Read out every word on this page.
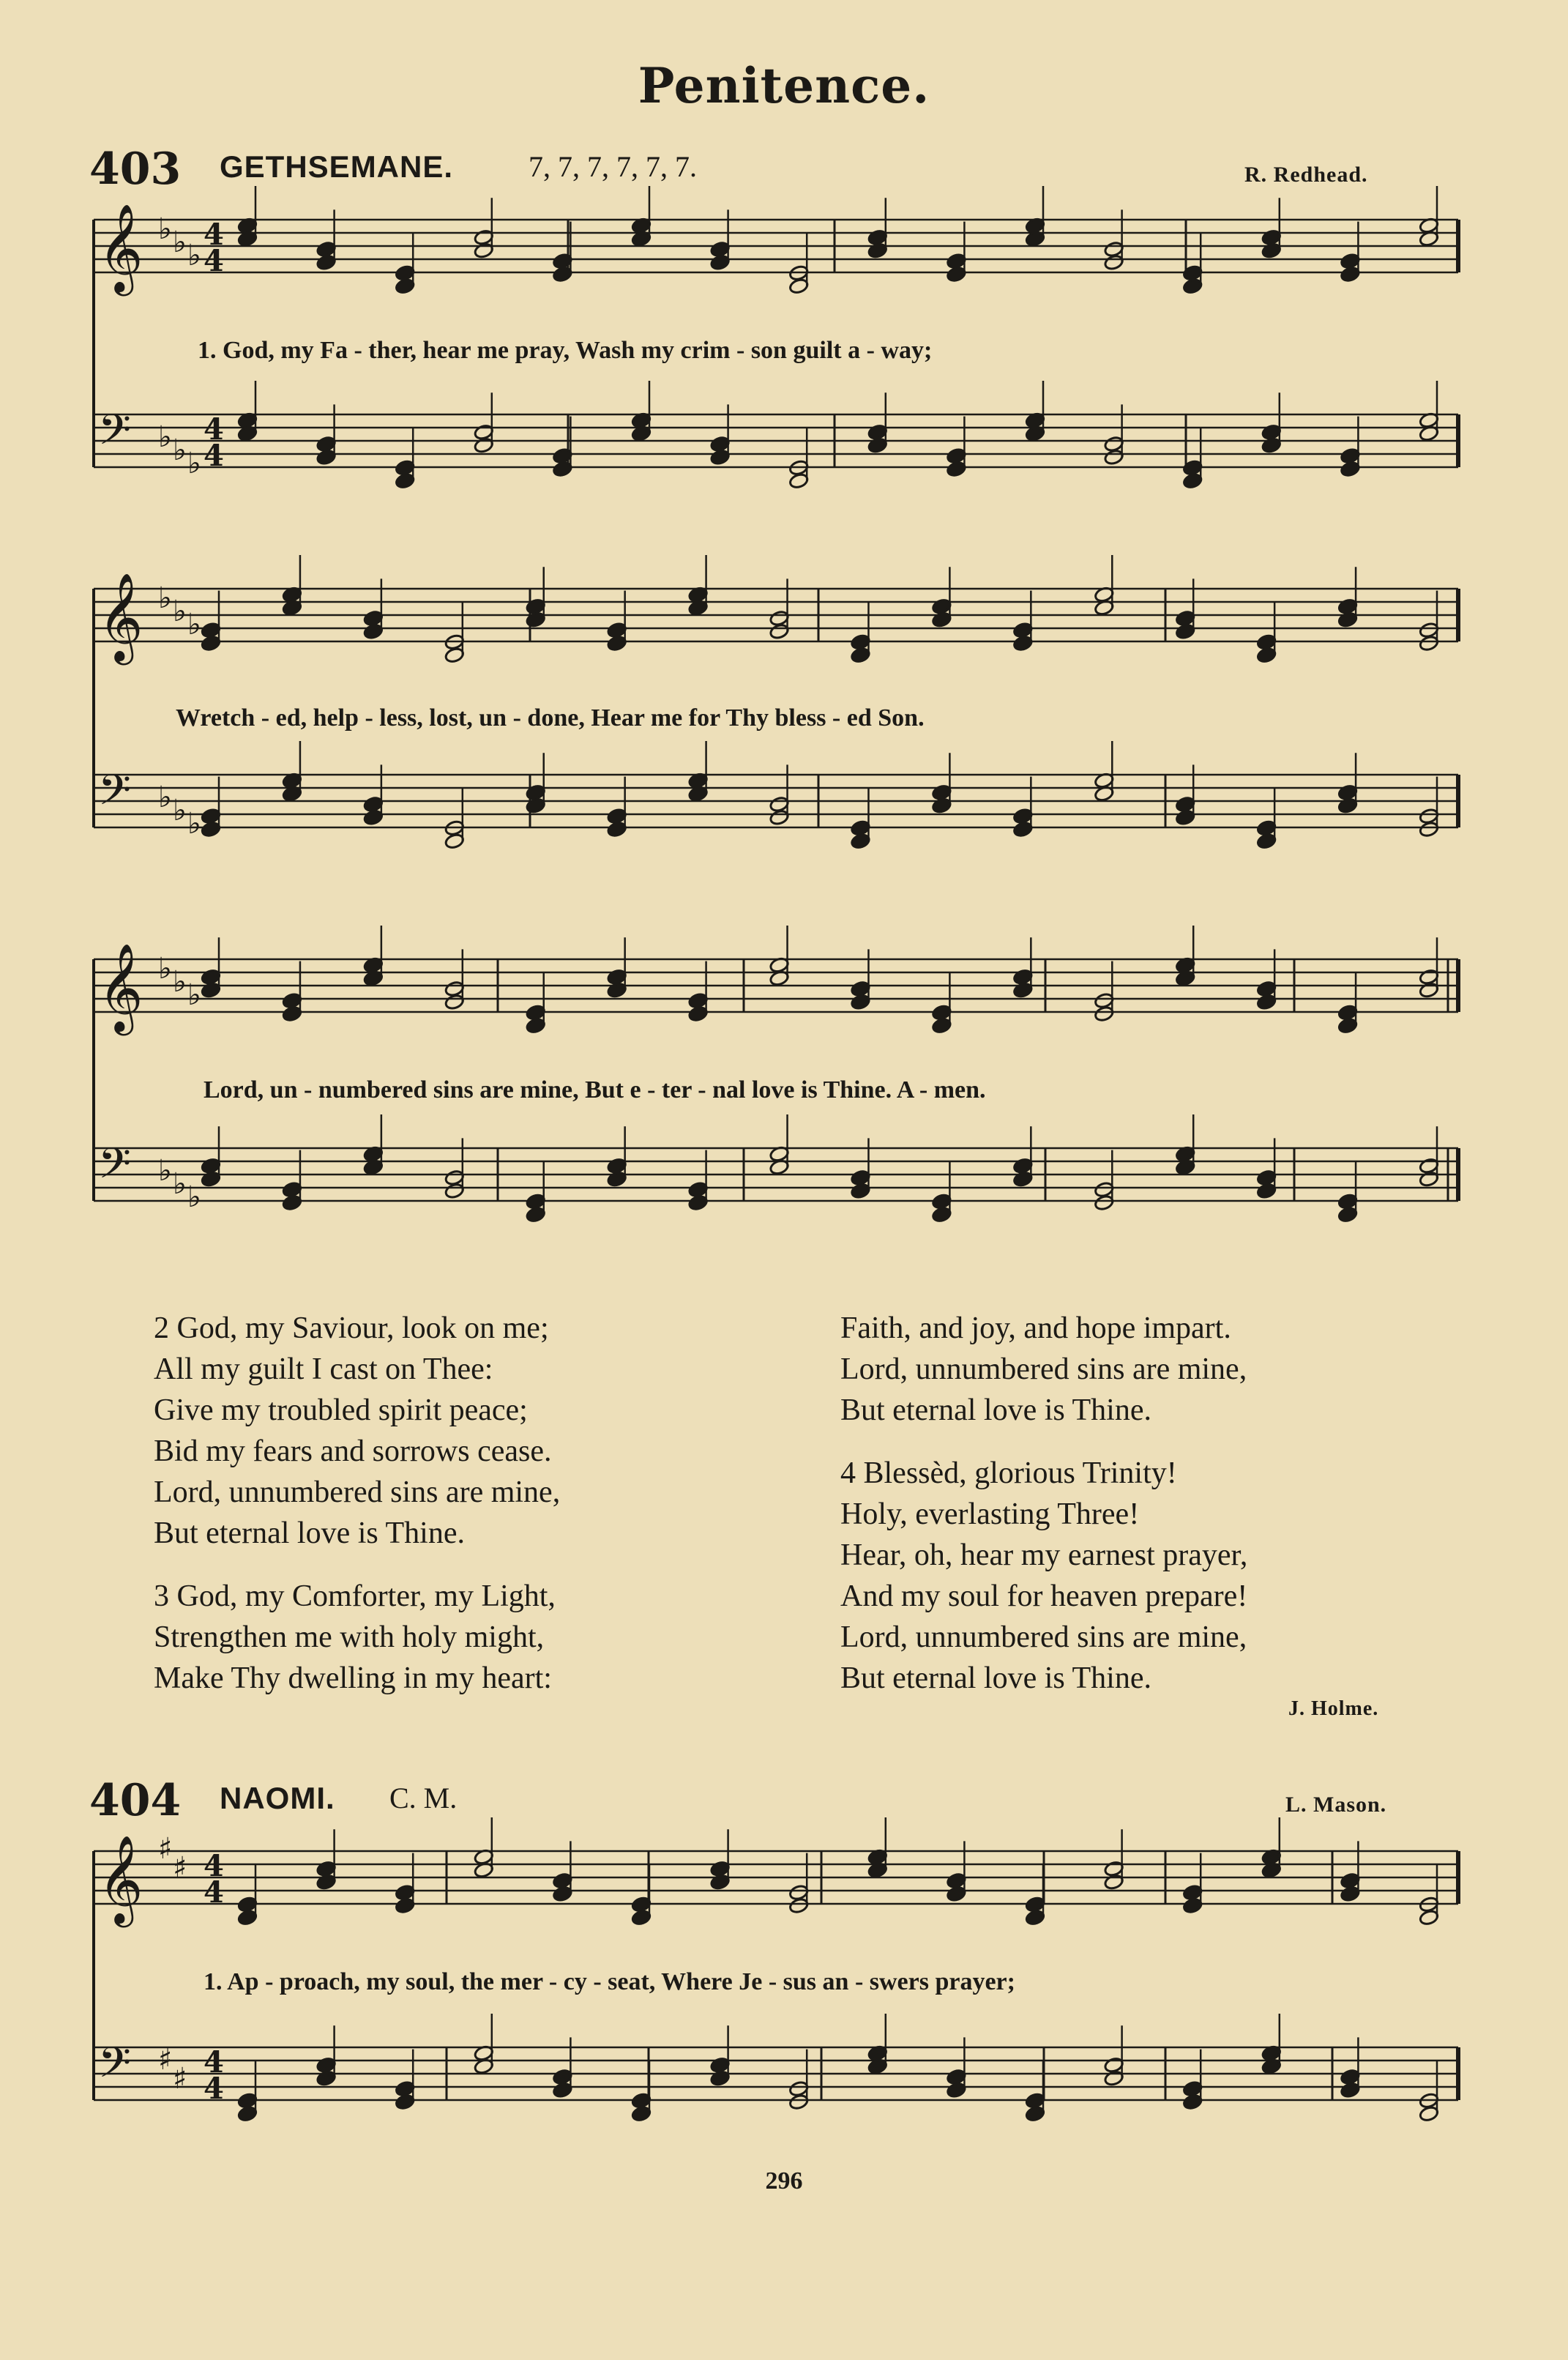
Penitence.
403 GETHSEMANE.	7, 7, 7, 7, 7, 7.	R. Redhead.
𝄞 ♭ ♭ ♭
4
4
𝄢 ♭ ♭ ♭
4
4
𝄞 ♭ ♭ ♭
𝄢 ♭ ♭ ♭
𝄞 ♭ ♭ ♭
𝄢 ♭ ♭ ♭
𝄞 ♯
♯ 4
4
𝄢 ♯
♯ 4
4
1. God, my Fa - ther, hear me pray, Wash my crim - son guilt a - way;
Wretch - ed, help - less, lost, un - done, Hear me for Thy bless - ed Son.
Lord, un - numbered sins are mine, But e - ter - nal love is Thine. A - men.

2 God, my Saviour, look on me;

All my guilt I cast on Thee:

Give my troubled spirit peace;

Bid my fears and sorrows cease.

Lord, unnumbered sins are mine,

But eternal love is Thine.

3 God, my Comforter, my Light,

Strengthen me with holy might,

Make Thy dwelling in my heart:

Faith, and joy, and hope impart.

Lord, unnumbered sins are mine,

But eternal love is Thine.

4 Blessèd, glorious Trinity!

Holy, everlasting Three!

Hear, oh, hear my earnest prayer,

And my soul for heaven prepare!

Lord, unnumbered sins are mine,

But eternal love is Thine.

J. Holme.
404 NAOMI. C. M.	L. Mason.
1. Ap - proach, my soul, the mer - cy - seat, Where Je - sus an - swers prayer;
296
